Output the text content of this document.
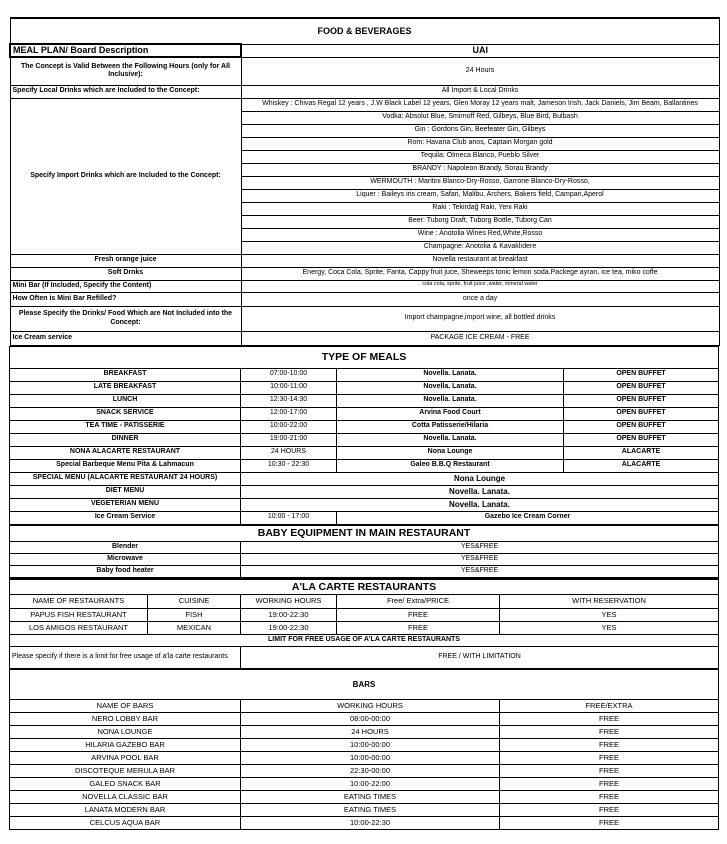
FOOD & BEVERAGES	
MEAL PLAN/ Board Description	UAI
The Concept is Valid Between the Following Hours (only for All Inclusive):	24 Hours
Specify Local Drinks which are Included to the Concept:	All Import & Local Drinks
Specify Import Drinks which are Included to the Concept:	Whiskey : Chivas Regal 12 years , J.W Black Label 12 years, Glen Moray 12 years malt, Jameson Irish, Jack Daniels, Jim Beam, Ballantines
	Vodka: Absolut Blue, Smirnoff Red, Gilbeys, Blue Bird, Bulbash
	Gin : Gordons Gin, Beefeater Gin, Gilbeys
	Rom: Havana Club anos, Captain Morgan gold
	Tequila: Olmeca Blanco, Pueblo Silver
	BRANDY : Napoleon Brandy, Sorau Brandy
	WERMOUTH : Maritini Blanco-Dry-Rosso, Garrone Blanco-Dry-Rosso,
	Liquer : Baileys iris cream, Safari, Malibu, Archers, Bakers field, Campari,Aperol
	Raki : Tekirdağ Raki, Yeni Raki
	Beer: Tuborg Draft, Tuborg Bottle, Tuborg Can
	Wine : Anotolia Wines Red,White,Rosso
	Champagne: Anotolia & Kavaklıdere
Fresh orange juice	Novella restaurant at breakfast
Soft Drnks	Energy, Coca Cola, Sprite, Fanta, Cappy fruit juce, Sheweeps tonic lemon soda.Packege ayran, ice tea, miko coffe
Mini Bar (If Included, Specify the Content)	cola cola, sprite, fruit juice ,water, mineral water
How Often is Mini Bar Refilled?	once a day
Please Specify the Drinks/ Food Which are Not Included into the Concept:	Import champagne,import wine, all bottled drinks
Ice Cream service	PACKAGE ICE CREAM - FREE
TYPE OF MEALS			
BREAKFAST	07:00-10:00	Novella. Lanata.	OPEN BUFFET
LATE BREAKFAST	10:00-11:00	Novella. Lanata.	OPEN BUFFET
LUNCH	12:30-14:30	Novella. Lanata.	OPEN BUFFET
SNACK SERVICE	12:00-17:00	Arvina Food Court	OPEN BUFFET
TEA TIME - PATISSERIE	10:00-22:00	Cotta Patisserie/Hilaria	OPEN BUFFET
DINNER	19:00-21:00	Novella. Lanata.	OPEN BUFFET
NONA ALACARTE RESTAURANT	24 HOURS	Nona Lounge	ALACARTE
Special Barbeque Menu Pita & Lahmacun	10:30 - 22:30	Galeo B.B.Q Restaurant	ALACARTE
SPECIAL MENU (ALACARTE RESTAURANT 24 HOURS)	Nona Lounge		
DIET MENU	Novella. Lanata.		
VEGETERIAN MENU	Novella. Lanata.		
Ice Cream Service	10:00 - 17:00	Gazebo Ice Cream Corner	
BABY EQUIPMENT IN MAIN RESTAURANT	
Blender	YES&FREE
Microwave	YES&FREE
Baby food heater	YES&FREE
A'LA CARTE RESTAURANTS				
NAME OF RESTAURANTS	CUISINE	WORKING HOURS	Free/ Extra/PRICE	WITH RESERVATION
PAPUS FISH RESTAURANT	FISH	19:00-22:30	FREE	YES
LOS AMIGOS RESTAURANT	MEXICAN	19:00-22:30	FREE	YES
LIMIT FOR FREE USAGE OF A'LA CARTE RESTAURANTS				
Please specify if there is a limit for free usage of a'la carte restaurants		FREE / WITH LIMITATION		
BARS		
NAME OF BARS	WORKING HOURS	FREE/EXTRA
NERO LOBBY BAR	08:00-00:00	FREE
NONA LOUNGE	24 HOURS	FREE
HILARIA GAZEBO BAR	10:00-00:00	FREE
ARVINA POOL BAR	10:00-00:00	FREE
DISCOTEQUE MERULA BAR	22:30-00:00	FREE
GALEO SNACK BAR	10:00-22:00	FREE
NOVELLA CLASSIC BAR	EATING TIMES	FREE
LANATA MODERN BAR	EATING TIMES	FREE
CELCUS AQUA BAR	10:00-22:30	FREE
